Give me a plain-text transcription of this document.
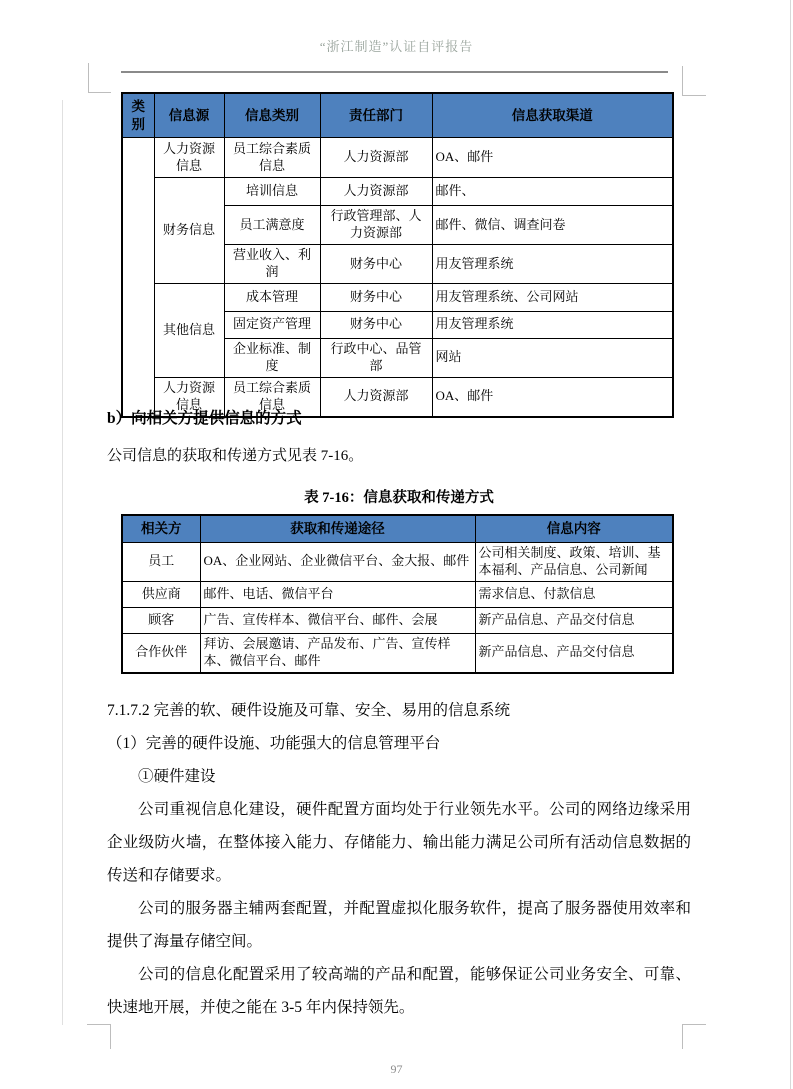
“浙江制造”认证自评报告
类别	信息源	信息类别	责任部门	信息获取渠道
	人力资源信息	员工综合素质信息	人力资源部	OA、邮件
	财务信息	培训信息	人力资源部	邮件、
		员工满意度	行政管理部、人力资源部	邮件、微信、调查问卷
		营业收入、利润	财务中心	用友管理系统
	其他信息	成本管理	财务中心	用友管理系统、公司网站
		固定资产管理	财务中心	用友管理系统
		企业标准、制度	行政中心、品管部	网站
	人力资源信息	员工综合素质信息	人力资源部	OA、邮件
b）向相关方提供信息的方式
公司信息的获取和传递方式见表 7-16。
表 7-16：信息获取和传递方式
相关方	获取和传递途径	信息内容
员工	OA、企业网站、企业微信平台、金大报、邮件	公司相关制度、政策、培训、基本福利、产品信息、公司新闻
供应商	邮件、电话、微信平台	需求信息、付款信息
顾客	广告、宣传样本、微信平台、邮件、会展	新产品信息、产品交付信息
合作伙伴	拜访、会展邀请、产品发布、广告、宣传样本、微信平台、邮件	新产品信息、产品交付信息

7.1.7.2 完善的软、硬件设施及可靠、安全、易用的信息系统

（1）完善的硬件设施、功能强大的信息管理平台

①硬件建设

公司重视信息化建设，硬件配置方面均处于行业领先水平。公司的网络边缘采用企业级防火墙，在整体接入能力、存储能力、输出能力满足公司所有活动信息数据的传送和存储要求。

公司的服务器主辅两套配置，并配置虚拟化服务软件，提高了服务器使用效率和提供了海量存储空间。

公司的信息化配置采用了较高端的产品和配置，能够保证公司业务安全、可靠、快速地开展，并使之能在 3-5 年内保持领先。

97
